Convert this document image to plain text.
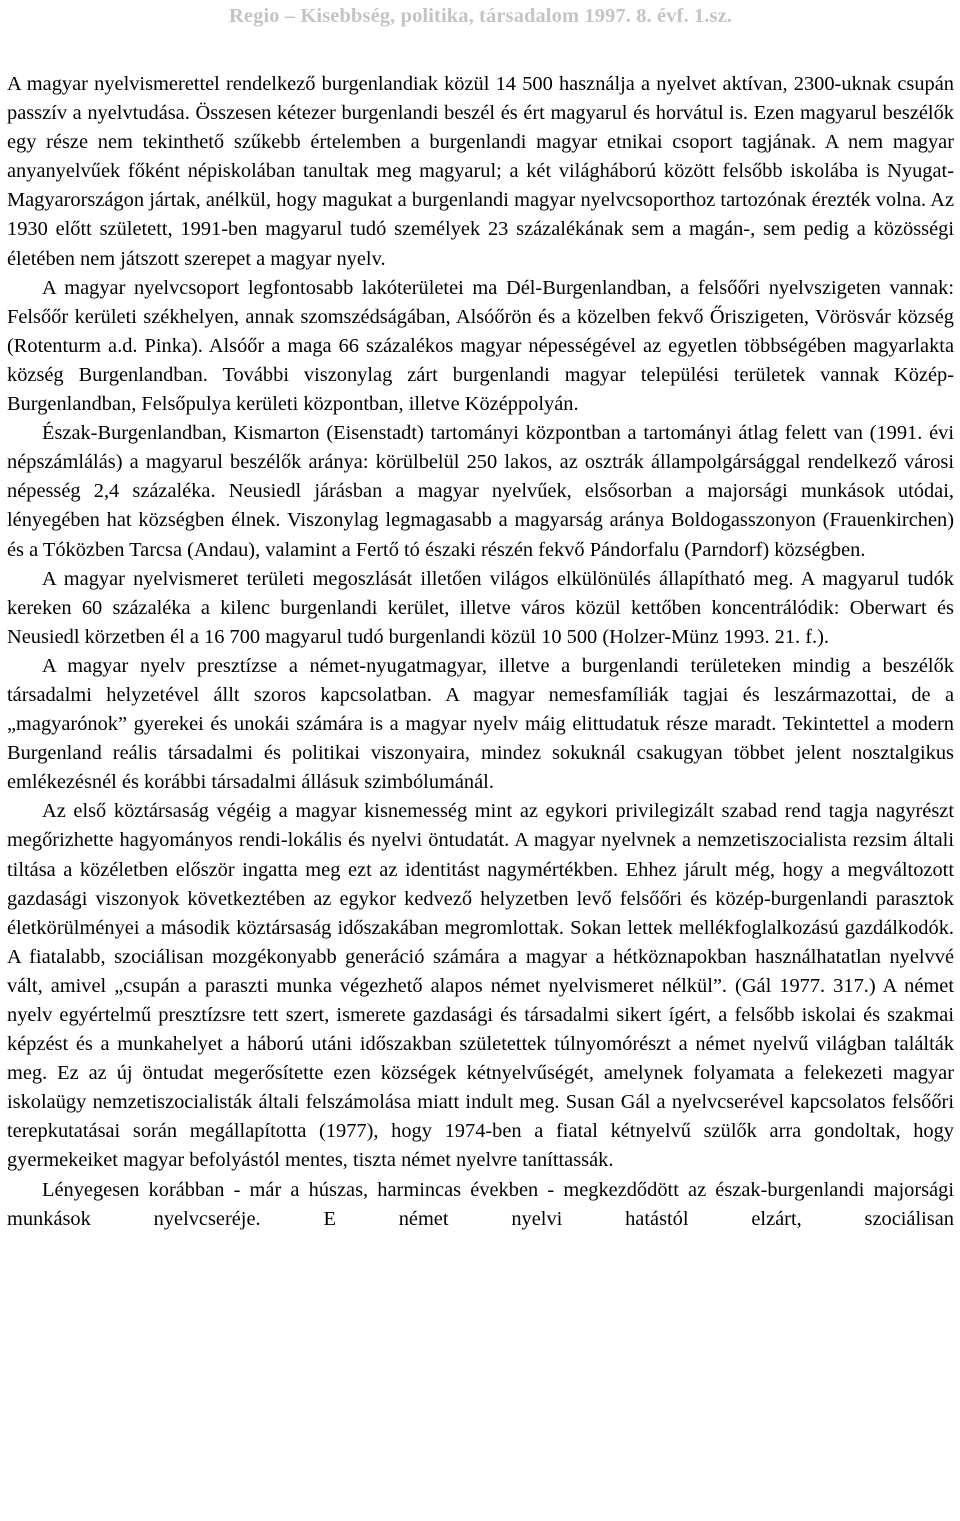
Regio – Kisebbség, politika, társadalom 1997. 8. évf. 1.sz.

A magyar nyelvismerettel rendelkező burgenlandiak közül 14 500 használja a nyelvet aktívan, 2300-uknak csupán passzív a nyelvtudása. Összesen kétezer burgenlandi beszél és ért magyarul és horvátul is. Ezen magyarul beszélők egy része nem tekinthető szűkebb értelemben a burgenlandi magyar etnikai csoport tagjának. A nem magyar anyanyelvűek főként népiskolában tanultak meg magyarul; a két világháború között felsőbb iskolába is Nyugat-Magyarországon jártak, anélkül, hogy magukat a burgenlandi magyar nyelvcsoporthoz tartozónak érezték volna. Az 1930 előtt született, 1991-ben magyarul tudó személyek 23 százalékának sem a magán-, sem pedig a közösségi életében nem játszott szerepet a magyar nyelv.

A magyar nyelvcsoport legfontosabb lakóterületei ma Dél-Burgenlandban, a felsőőri nyelvszigeten vannak: Felsőőr kerületi székhelyen, annak szomszédságában, Alsóőrön és a közelben fekvő Őriszigeten, Vörösvár község (Rotenturm a.d. Pinka). Alsóőr a maga 66 százalékos magyar népességével az egyetlen többségében magyarlakta község Burgenlandban. További viszonylag zárt burgenlandi magyar települési területek vannak Közép-Burgenlandban, Felsőpulya kerületi központban, illetve Középpolyán.

Észak-Burgenlandban, Kismarton (Eisenstadt) tartományi központban a tartományi átlag felett van (1991. évi népszámlálás) a magyarul beszélők aránya: körülbelül 250 lakos, az osztrák állampolgársággal rendelkező városi népesség 2,4 százaléka. Neusiedl járásban a magyar nyelvűek, elsősorban a majorsági munkások utódai, lényegében hat községben élnek. Viszonylag legmagasabb a magyarság aránya Boldogasszonyon (Frauenkirchen) és a Tóközben Tarcsa (Andau), valamint a Fertő tó északi részén fekvő Pándorfalu (Parndorf) községben.

A magyar nyelvismeret területi megoszlását illetően világos elkülönülés állapítható meg. A magyarul tudók kereken 60 százaléka a kilenc burgenlandi kerület, illetve város közül kettőben koncentrálódik: Oberwart és Neusiedl körzetben él a 16 700 magyarul tudó burgenlandi közül 10 500 (Holzer-Münz 1993. 21. f.).

A magyar nyelv presztízse a német-nyugatmagyar, illetve a burgenlandi területeken mindig a beszélők társadalmi helyzetével állt szoros kapcsolatban. A magyar nemesfamíliák tagjai és leszármazottai, de a „magyarónok” gyerekei és unokái számára is a magyar nyelv máig elittudatuk része maradt. Tekintettel a modern Burgenland reális társadalmi és politikai viszonyaira, mindez sokuknál csakugyan többet jelent nosztalgikus emlékezésnél és korábbi társadalmi állásuk szimbólumánál.

Az első köztársaság végéig a magyar kisnemesség mint az egykori privilegizált szabad rend tagja nagyrészt megőrizhette hagyományos rendi-lokális és nyelvi öntudatát. A magyar nyelvnek a nemzetiszocialista rezsim általi tiltása a közéletben először ingatta meg ezt az identitást nagymértékben. Ehhez járult még, hogy a megváltozott gazdasági viszonyok következtében az egykor kedvező helyzetben levő felsőőri és közép-burgenlandi parasztok életkörülményei a második köztársaság időszakában megromlottak. Sokan lettek mellékfoglalkozású gazdálkodók. A fiatalabb, szociálisan mozgékonyabb generáció számára a magyar a hétköznapokban használhatatlan nyelvvé vált, amivel „csupán a paraszti munka végezhető alapos német nyelvismeret nélkül”. (Gál 1977. 317.) A német nyelv egyértelmű presztízsre tett szert, ismerete gazdasági és társadalmi sikert ígért, a felsőbb iskolai és szakmai képzést és a munkahelyet a háború utáni időszakban születettek túlnyomórészt a német nyelvű világban találták meg. Ez az új öntudat megerősítette ezen községek kétnyelvűségét, amelynek folyamata a felekezeti magyar iskolaügy nemzetiszocialisták általi felszámolása miatt indult meg. Susan Gál a nyelvcserével kapcsolatos felsőőri terepkutatásai során megállapította (1977), hogy 1974-ben a fiatal kétnyelvű szülők arra gondoltak, hogy gyermekeiket magyar befolyástól mentes, tiszta német nyelvre taníttassák.

Lényegesen korábban - már a húszas, harmincas években - megkezdődött az észak-burgenlandi majorsági munkások nyelvcseréje. E német nyelvi hatástól elzárt, szociálisan
